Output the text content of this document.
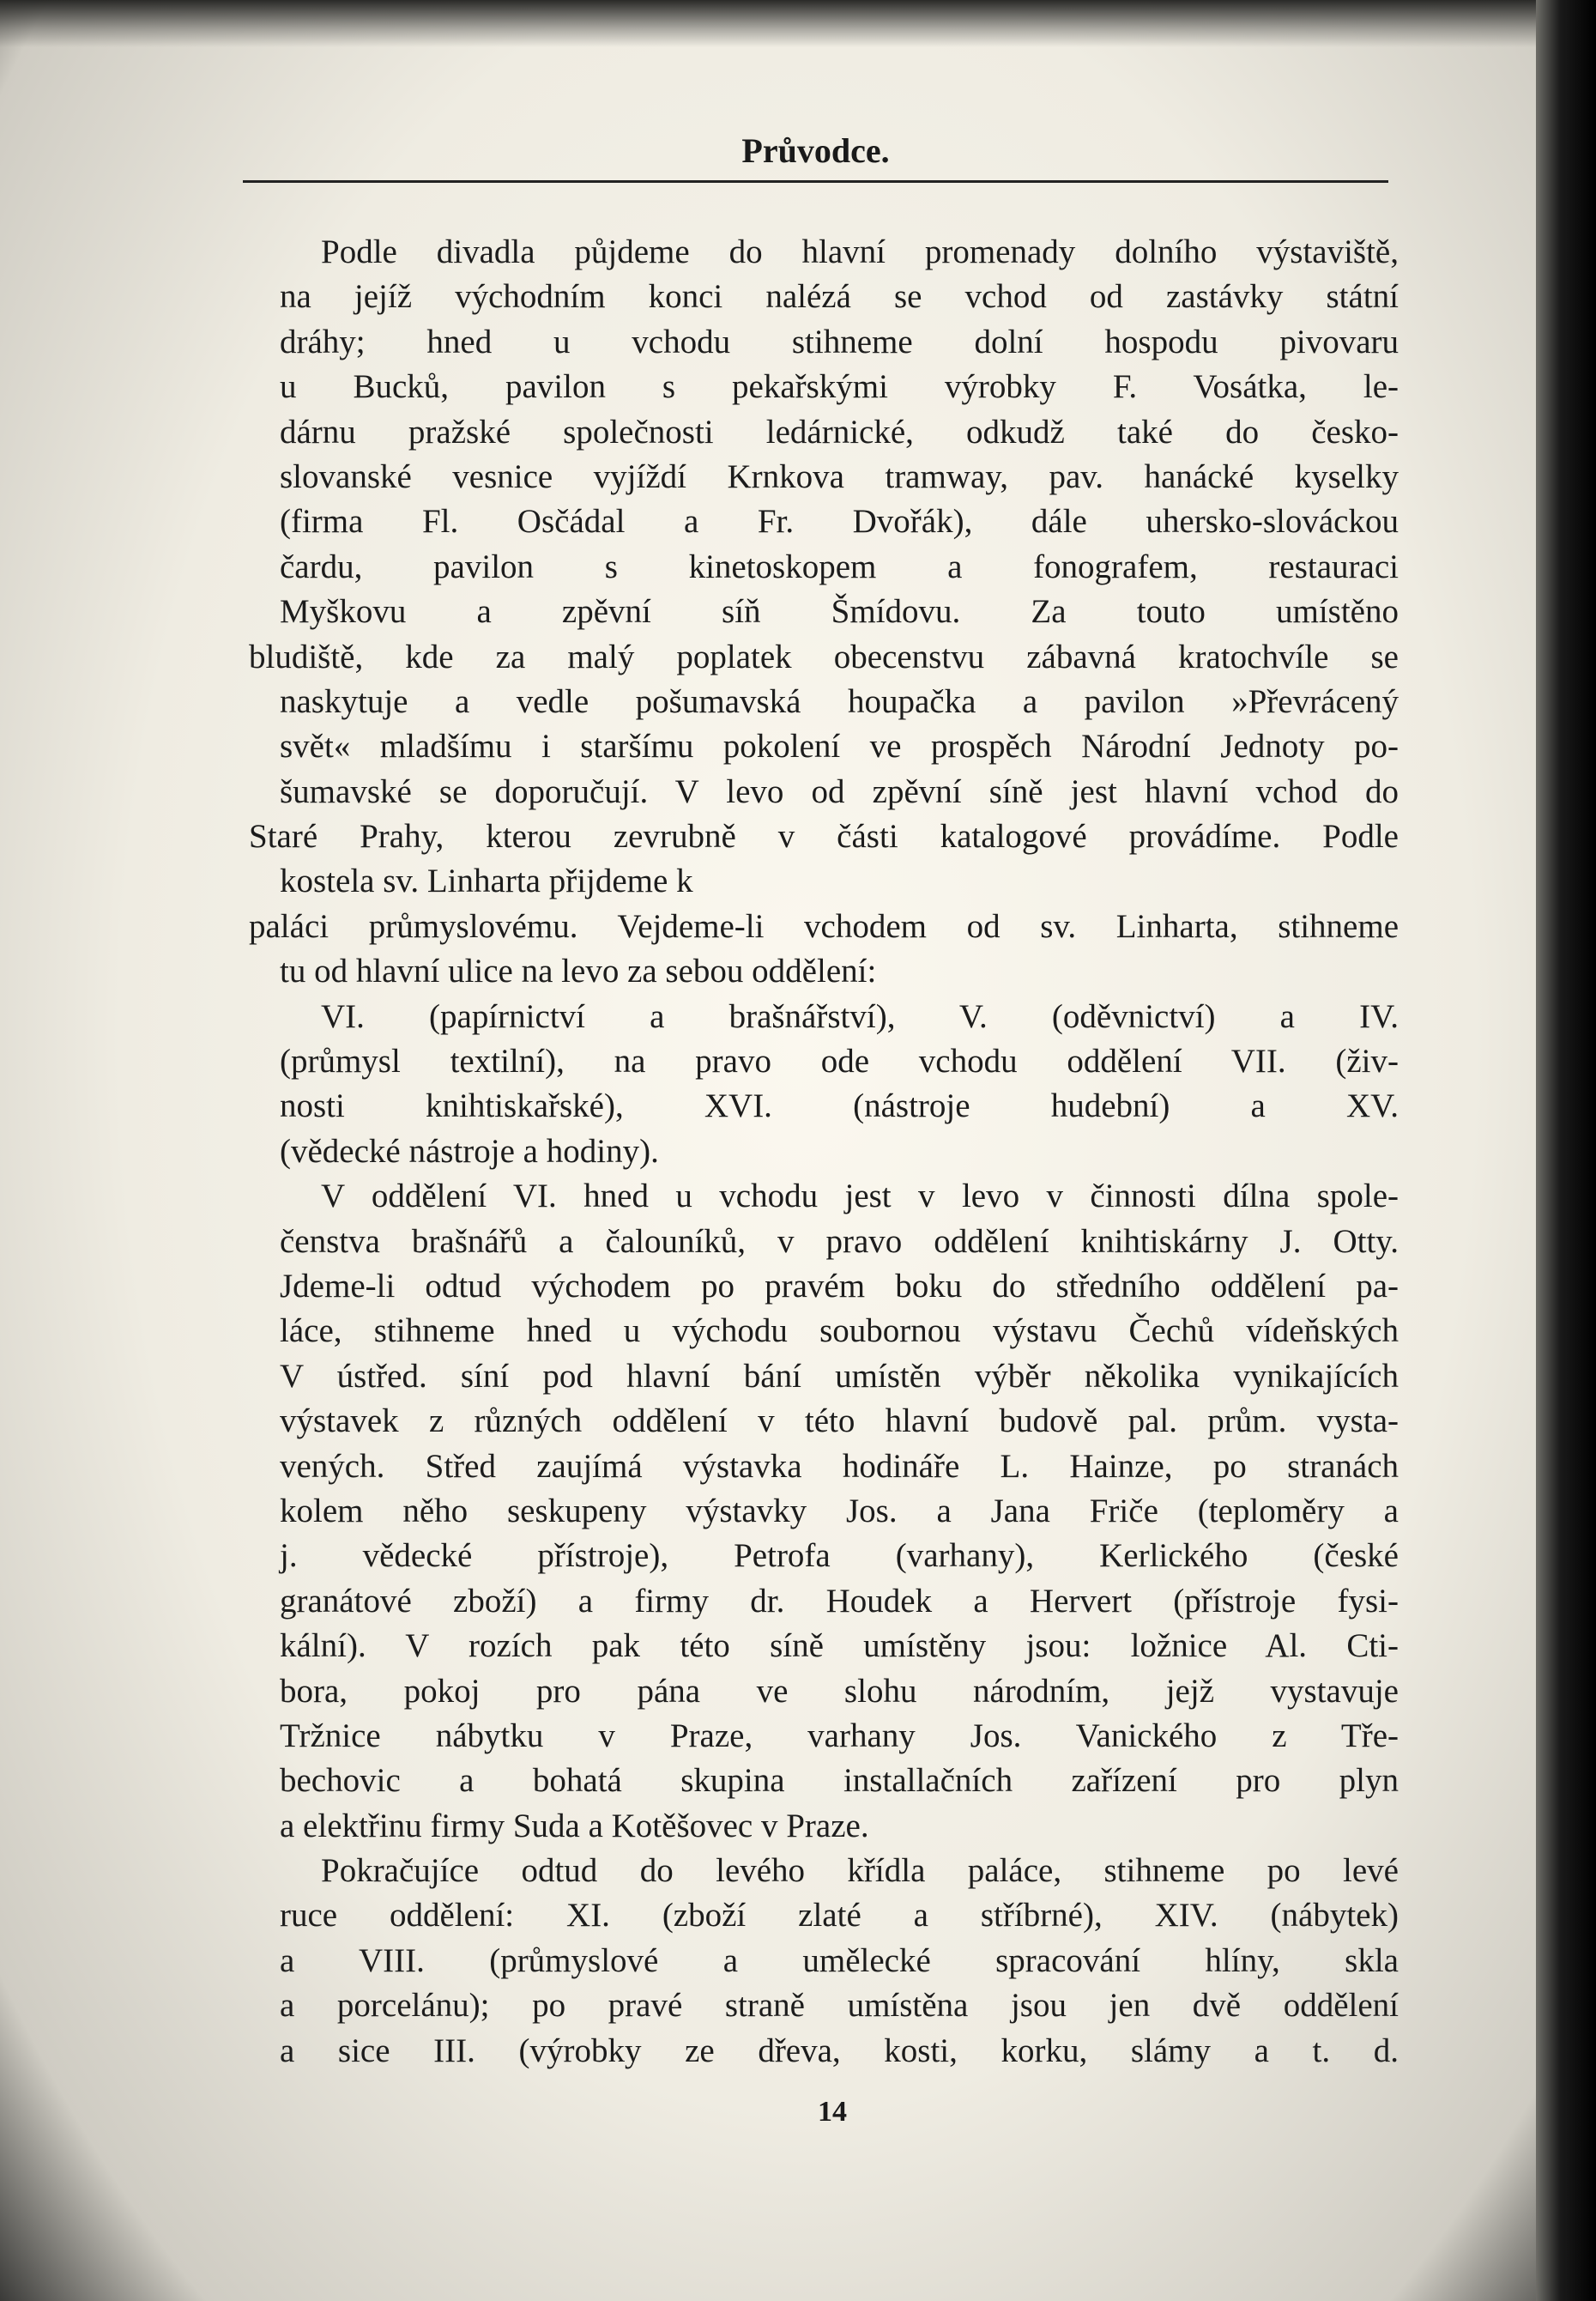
Průvodce.
Podle divadla půjdeme do hlavní promenady dolního výstaviště,
na jejíž východním konci nalézá se vchod od zastávky státní
dráhy; hned u vchodu stihneme dolní hospodu pivovaru
u Bucků, pavilon s pekařskými výrobky F. Vosátka, le-
dárnu pražské společnosti ledárnické, odkudž také do česko-
slovanské vesnice vyjíždí Krnkova tramway, pav. hanácké kyselky
(firma Fl. Osčádal a Fr. Dvořák), dále uhersko-slováckou
čardu, pavilon s kinetoskopem a fonografem, restauraci
Myškovu a zpěvní síň Šmídovu. Za touto umístěno
bludiště, kde za malý poplatek obecenstvu zábavná kratochvíle se
naskytuje a vedle pošumavská houpačka a pavilon »Převrácený
svět« mladšímu i staršímu pokolení ve prospěch Národní Jednoty po-
šumavské se doporučují. V levo od zpěvní síně jest hlavní vchod do
Staré Prahy, kterou zevrubně v části katalogové provádíme. Podle
kostela sv. Linharta přijdeme k
paláci průmyslovému. Vejdeme-li vchodem od sv. Linharta, stihneme
tu od hlavní ulice na levo za sebou oddělení:
VI. (papírnictví a brašnářství), V. (oděvnictví) a IV.
(průmysl textilní), na pravo ode vchodu oddělení VII. (živ-
nosti knihtiskařské), XVI. (nástroje hudební) a XV.
(vědecké nástroje a hodiny).
V oddělení VI. hned u vchodu jest v levo v činnosti dílna spole-
čenstva brašnářů a čalouníků, v pravo oddělení knihtiskárny J. Otty.
Jdeme-li odtud východem po pravém boku do středního oddělení pa-
láce, stihneme hned u východu soubornou výstavu Čechů vídeňských
V ústřed. síní pod hlavní bání umístěn výběr několika vynikajících
výstavek z různých oddělení v této hlavní budově pal. prům. vysta-
vených. Střed zaujímá výstavka hodináře L. Hainze, po stranách
kolem něho seskupeny výstavky Jos. a Jana Friče (teploměry a
j. vědecké přístroje), Petrofa (varhany), Kerlického (české
granátové zboží) a firmy dr. Houdek a Hervert (přístroje fysi-
kální). V rozích pak této síně umístěny jsou: ložnice Al. Cti-
bora, pokoj pro pána ve slohu národním, jejž vystavuje
Tržnice nábytku v Praze, varhany Jos. Vanického z Tře-
bechovic a bohatá skupina installačních zařízení pro plyn
a elektřinu firmy Suda a Kotěšovec v Praze.
Pokračujíce odtud do levého křídla paláce, stihneme po levé
ruce oddělení: XI. (zboží zlaté a stříbrné), XIV. (nábytek)
a VIII. (průmyslové a umělecké spracování hlíny, skla
a porcelánu); po pravé straně umístěna jsou jen dvě oddělení
a sice III. (výrobky ze dřeva, kosti, korku, slámy a t. d.
14
